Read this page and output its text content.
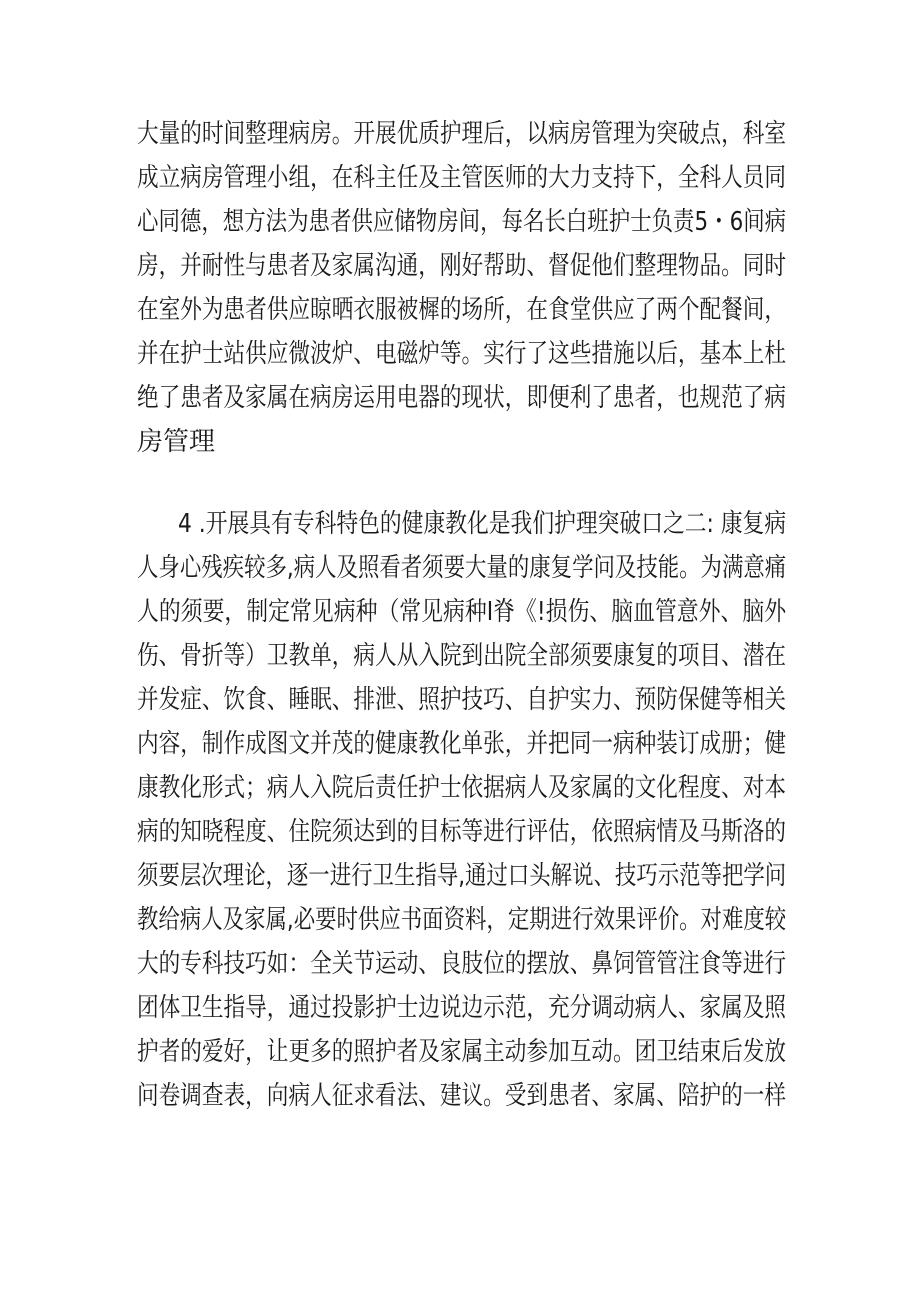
大量的时间整理病房。开展优质护理后，以病房管理为突破点，科室
成立病房管理小组，在科主任及主管医师的大力支持下，全科人员同
心同德，想方法为患者供应储物房间，每名长白班护士负责5・6间病
房，并耐性与患者及家属沟通，刚好帮助、督促他们整理物品。同时
在室外为患者供应晾晒衣服被樨的场所，在食堂供应了两个配餐间，
并在护士站供应微波炉、电磁炉等。实行了这些措施以后，基本上杜
绝了患者及家属在病房运用电器的现状，即便利了患者，也规范了病
房管理
4 .开展具有专科特色的健康教化是我们护理突破口之二: 康复病
人身心残疾较多,病人及照看者须要大量的康复学问及技能。为满意痛
人的须要，制定常见病种（常见病种I脊《!损伤、脑血管意外、脑外
伤、骨折等）卫教单，病人从入院到出院全部须要康复的项目、潜在
并发症、饮食、睡眠、排泄、照护技巧、自护实力、预防保健等相关
内容，制作成图文并茂的健康教化单张，并把同一病种装订成册；健
康教化形式；病人入院后责任护士依据病人及家属的文化程度、对本
病的知晓程度、住院须达到的目标等进行评估，依照病情及马斯洛的
须要层次理论，逐一进行卫生指导,通过口头解说、技巧示范等把学问
教给病人及家属,必要时供应书面资料，定期进行效果评价。对难度较
大的专科技巧如：全关节运动、良肢位的摆放、鼻饲管管注食等进行
团体卫生指导，通过投影护士边说边示范，充分调动病人、家属及照
护者的爱好，让更多的照护者及家属主动参加互动。团卫结束后发放
问卷调查表，向病人征求看法、建议。受到患者、家属、陪护的一样
